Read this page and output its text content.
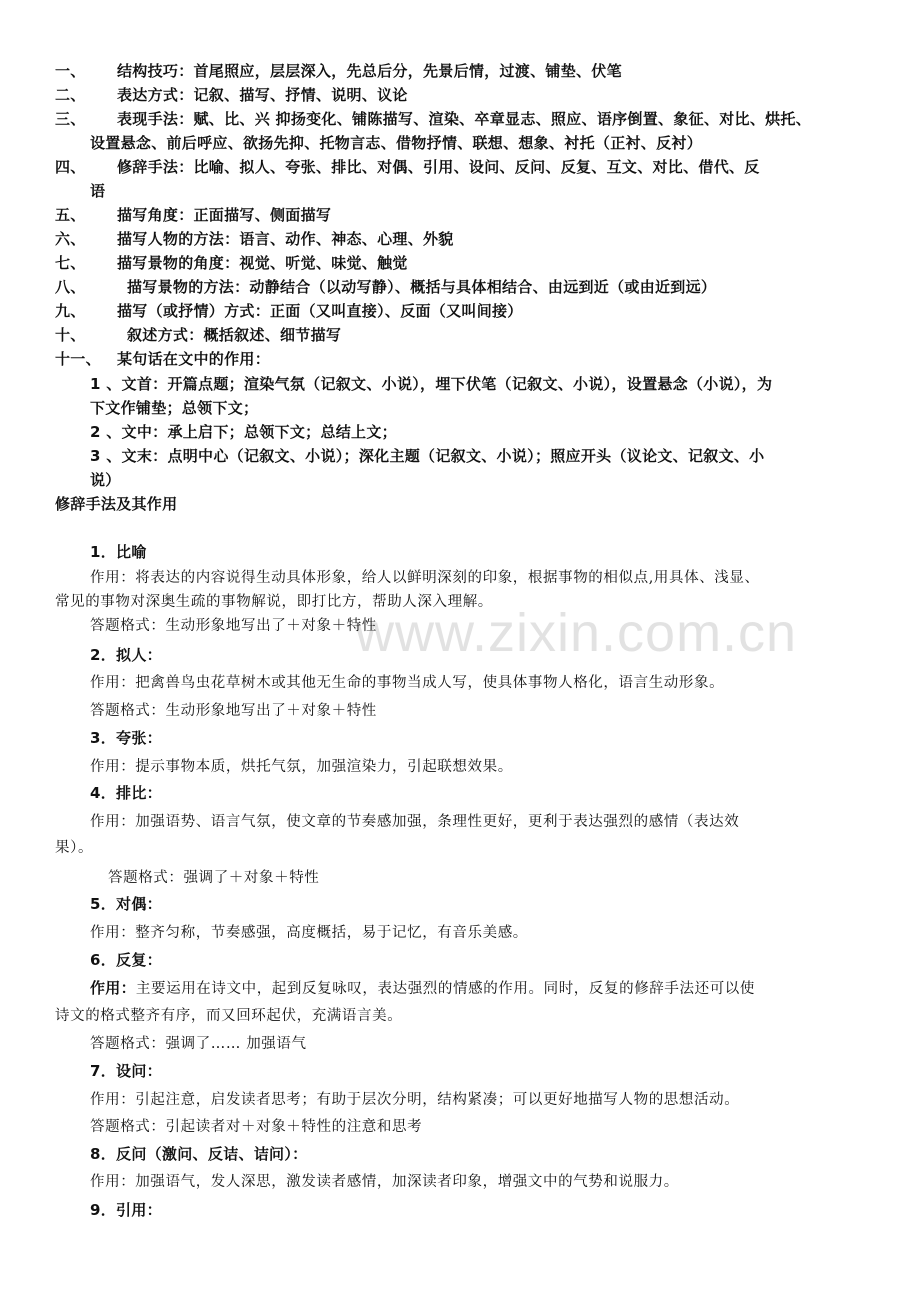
www.zixin.com.cn
一、 结构技巧：首尾照应，层层深入，先总后分，先景后情，过渡、铺垫、伏笔
二、 表达方式：记叙、描写、抒情、说明、议论
三、 表现手法：赋、比、兴 抑扬变化、铺陈描写、渲染、卒章显志、照应、语序倒置、象征、对比、烘托、
设置悬念、前后呼应、欲扬先抑、托物言志、借物抒情、联想、想象、衬托（正衬、反衬）
四、 修辞手法：比喻、拟人、夸张、排比、对偶、引用、设问、反问、反复、互文、对比、借代、反
语
五、 描写角度：正面描写、侧面描写
六、 描写人物的方法：语言、动作、神态、心理、外貌
七、 描写景物的角度：视觉、听觉、味觉、触觉
八、	描写景物的方法：动静结合（以动写静）、概括与具体相结合、由远到近（或由近到远）
九、 描写（或抒情）方式：正面（又叫直接）、反面（又叫间接）
十、	叙述方式：概括叙述、细节描写
十一、 某句话在文中的作用：
1 、文首：开篇点题；渲染气氛（记叙文、小说），埋下伏笔（记叙文、小说），设置悬念（小说），为
下文作铺垫；总领下文；
2 、文中：承上启下；总领下文；总结上文；
3 、文末：点明中心（记叙文、小说）；深化主题（记叙文、小说）；照应开头（议论文、记叙文、小
说）
修辞手法及其作用
1．比喻
作用：将表达的内容说得生动具体形象，给人以鲜明深刻的印象，根据事物的相似点,用具体、浅显、
常见的事物对深奥生疏的事物解说，即打比方，帮助人深入理解。
答题格式：生动形象地写出了＋对象＋特性
2．拟人：
作用：把禽兽鸟虫花草树木或其他无生命的事物当成人写，使具体事物人格化，语言生动形象。
答题格式：生动形象地写出了＋对象＋特性
3．夸张：
作用：提示事物本质，烘托气氛，加强渲染力，引起联想效果。
4．排比：
作用：加强语势、语言气氛，使文章的节奏感加强，条理性更好，更利于表达强烈的感情（表达效
果）。
答题格式：强调了＋对象＋特性
5．对偶：
作用：整齐匀称，节奏感强，高度概括，易于记忆，有音乐美感。
6．反复：
作用：主要运用在诗文中，起到反复咏叹，表达强烈的情感的作用。同时，反复的修辞手法还可以使
诗文的格式整齐有序，而又回环起伏，充满语言美。
答题格式：强调了…… 加强语气
7．设问：
作用：引起注意，启发读者思考；有助于层次分明，结构紧凑；可以更好地描写人物的思想活动。
答题格式：引起读者对＋对象＋特性的注意和思考
8．反问（激问、反诘、诘问）：
作用：加强语气，发人深思，激发读者感情，加深读者印象，增强文中的气势和说服力。
9．引用：
